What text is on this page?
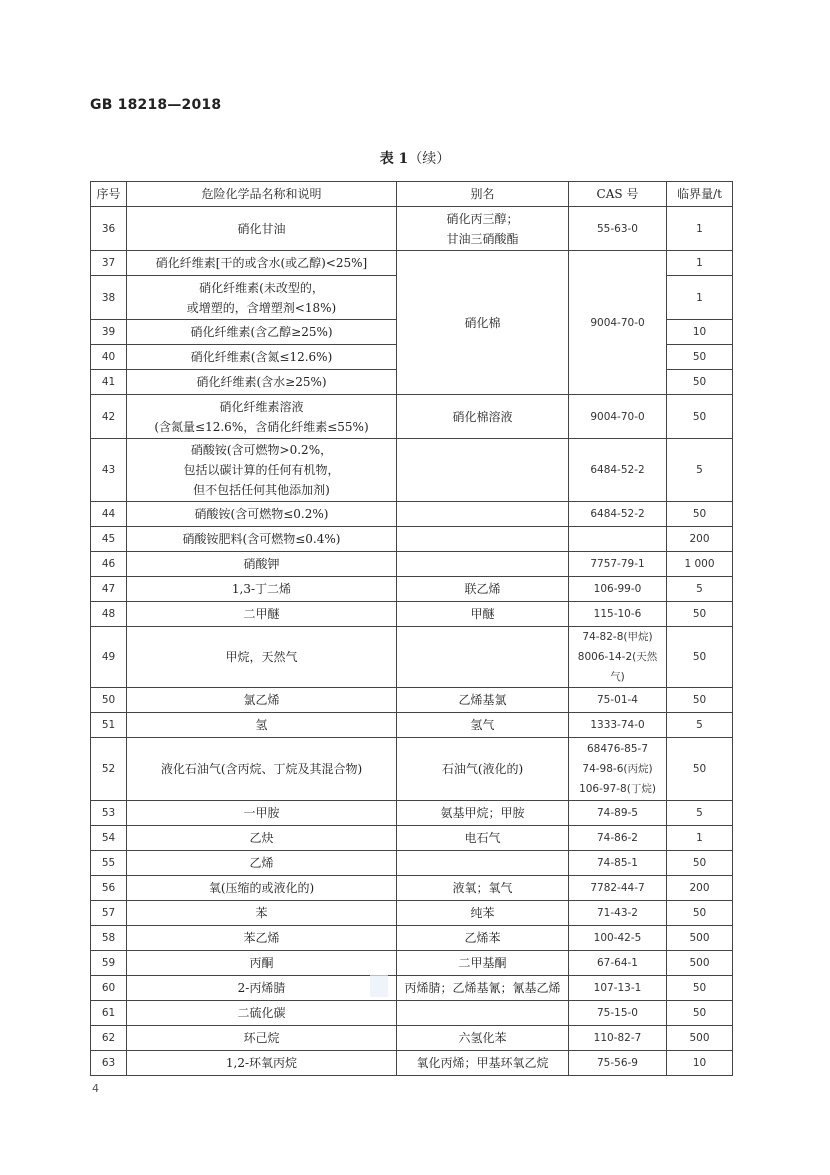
GB 18218—2018
表 1（续）
序号	危险化学品名称和说明	别名	CAS 号	临界量/t
36	硝化甘油	硝化丙三醇；
甘油三硝酸酯	55-63-0	1
37	硝化纤维素[干的或含水(或乙醇)<25%]	硝化棉	9004-70-0	1
38	硝化纤维素(未改型的，
或增塑的，含增塑剂<18%)			1
39	硝化纤维素(含乙醇≥25%)			10
40	硝化纤维素(含氮≤12.6%)			50
41	硝化纤维素(含水≥25%)			50
42	硝化纤维素溶液
(含氮量≤12.6%，含硝化纤维素≤55%)	硝化棉溶液	9004-70-0	50
43	硝酸铵(含可燃物>0.2%，
包括以碳计算的任何有机物，
但不包括任何其他添加剂)		6484-52-2	5
44	硝酸铵(含可燃物≤0.2%)		6484-52-2	50
45	硝酸铵肥料(含可燃物≤0.4%)			200
46	硝酸钾		7757-79-1	1 000
47	1,3-丁二烯	联乙烯	106-99-0	5
48	二甲醚	甲醚	115-10-6	50
49	甲烷，天然气		74-82-8(甲烷)
8006-14-2(天然气)	50
50	氯乙烯	乙烯基氯	75-01-4	50
51	氢	氢气	1333-74-0	5
52	液化石油气(含丙烷、丁烷及其混合物)	石油气(液化的)	68476-85-7
74-98-6(丙烷)
106-97-8(丁烷)	50
53	一甲胺	氨基甲烷；甲胺	74-89-5	5
54	乙炔	电石气	74-86-2	1
55	乙烯		74-85-1	50
56	氧(压缩的或液化的)	液氧；氧气	7782-44-7	200
57	苯	纯苯	71-43-2	50
58	苯乙烯	乙烯苯	100-42-5	500
59	丙酮	二甲基酮	67-64-1	500
60	2-丙烯腈	丙烯腈；乙烯基氰；氰基乙烯	107-13-1	50
61	二硫化碳		75-15-0	50
62	环己烷	六氢化苯	110-82-7	500
63	1,2-环氧丙烷	氧化丙烯；甲基环氧乙烷	75-56-9	10
4
